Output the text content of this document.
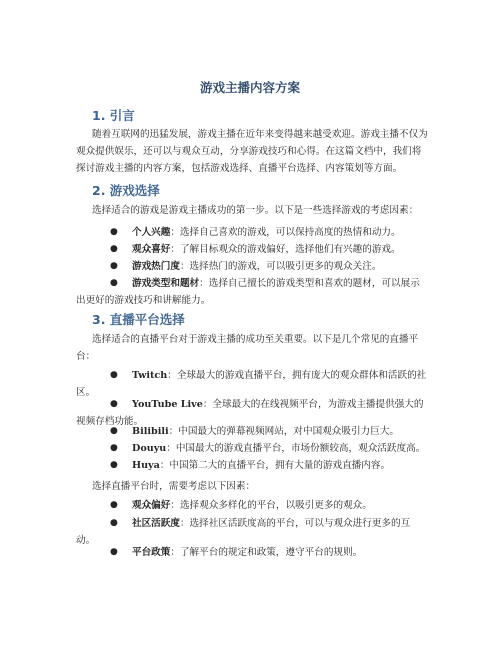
游戏主播内容方案
1. 引言

随着互联网的迅猛发展，游戏主播在近年来变得越来越受欢迎。游戏主播不仅为观众提供娱乐，还可以与观众互动，分享游戏技巧和心得。在这篇文档中，我们将探讨游戏主播的内容方案，包括游戏选择、直播平台选择、内容策划等方面。

2. 游戏选择

选择适合的游戏是游戏主播成功的第一步。以下是一些选择游戏的考虑因素：

●	个人兴趣：选择自己喜欢的游戏，可以保持高度的热情和动力。
●	观众喜好：了解目标观众的游戏偏好，选择他们有兴趣的游戏。
●	游戏热门度：选择热门的游戏，可以吸引更多的观众关注。
●	游戏类型和题材：选择自己擅长的游戏类型和喜欢的题材，可以展示出更好的游戏技巧和讲解能力。
3. 直播平台选择

选择适合的直播平台对于游戏主播的成功至关重要。以下是几个常见的直播平台：

●	Twitch：全球最大的游戏直播平台，拥有庞大的观众群体和活跃的社区。
●	YouTube Live：全球最大的在线视频平台，为游戏主播提供强大的视频存档功能。
●	Bilibili：中国最大的弹幕视频网站，对中国观众吸引力巨大。
●	Douyu：中国最大的游戏直播平台，市场份额较高，观众活跃度高。
●	Huya：中国第二大的直播平台，拥有大量的游戏直播内容。

选择直播平台时，需要考虑以下因素：

●	观众偏好：选择观众多样化的平台，以吸引更多的观众。
●	社区活跃度：选择社区活跃度高的平台，可以与观众进行更多的互动。
●	平台政策：了解平台的规定和政策，遵守平台的规则。
